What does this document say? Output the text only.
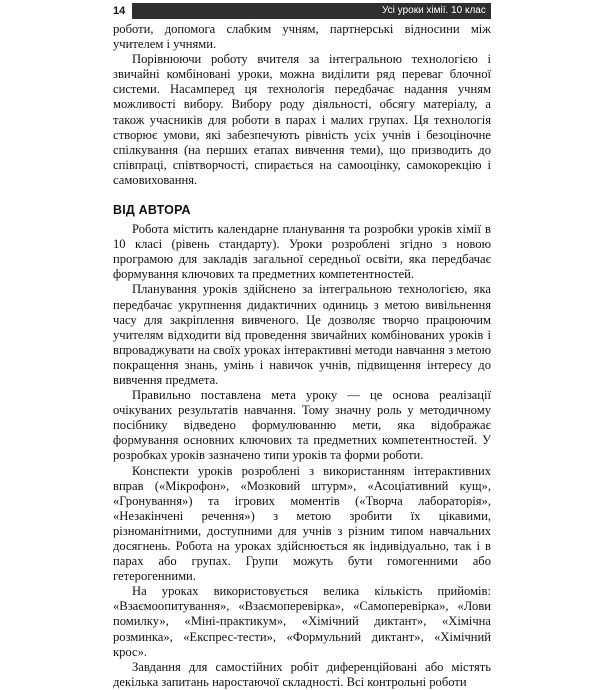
14	Усі уроки хімії. 10 клас

роботи, допомога слабким учням, партнерські відносини між учителем і учнями.

Порівнюючи роботу вчителя за інтегральною технологією і звичайні комбіновані уроки, можна виділити ряд переваг блочної системи. Насамперед ця технологія передбачає надання учням можливості вибору. Вибору роду діяльності, обсягу матеріалу, а також учасників для роботи в парах і малих групах. Ця технологія створює умови, які забезпечують рівність усіх учнів і безоціночне спілкування (на перших етапах вивчення теми), що призводить до співпраці, співтворчості, спирається на самооцінку, самокорекцію і самовиховання.

ВІД АВТОРА

Робота містить календарне планування та розробки уроків хімії в 10 класі (рівень стандарту). Уроки розроблені згідно з новою програмою для закладів загальної середньої освіти, яка передбачає формування ключових та предметних компетентностей.

Планування уроків здійснено за інтегральною технологією, яка передбачає укрупнення дидактичних одиниць з метою вивільнення часу для закріплення вивченого. Це дозволяє творчо працюючим учителям відходити від проведення звичайних комбінованих уроків і впроваджувати на своїх уроках інтерактивні методи навчання з метою покращення знань, умінь і навичок учнів, підвищення інтересу до вивчення предмета.

Правильно поставлена мета уроку — це основа реалізації очікуваних результатів навчання. Тому значну роль у методичному посібнику відведено формулюванню мети, яка відображає формування основних ключових та предметних компетентностей. У розробках уроків зазначено типи уроків та форми роботи.

Конспекти уроків розроблені з використанням інтерактивних вправ («Мікрофон», «Мозковий штурм», «Асоціативний кущ», «Гронування») та ігрових моментів («Творча лабораторія», «Незакінчені речення») з метою зробити їх цікавими, різноманітними, доступними для учнів з різним типом навчальних досягнень. Робота на уроках здійснюється як індивідуально, так і в парах або групах. Групи можуть бути гомогенними або гетерогенними.

На уроках використовується велика кількість прийомів: «Взаємоопитування», «Взаємоперевірка», «Самоперевірка», «Лови помилку», «Міні-практикум», «Хімічний диктант», «Хімічна розминка», «Експрес-тести», «Формульний диктант», «Хімічний крос».

Завдання для самостійних робіт диференційовані або містять декілька запитань наростаючої складності. Всі контрольні роботи
